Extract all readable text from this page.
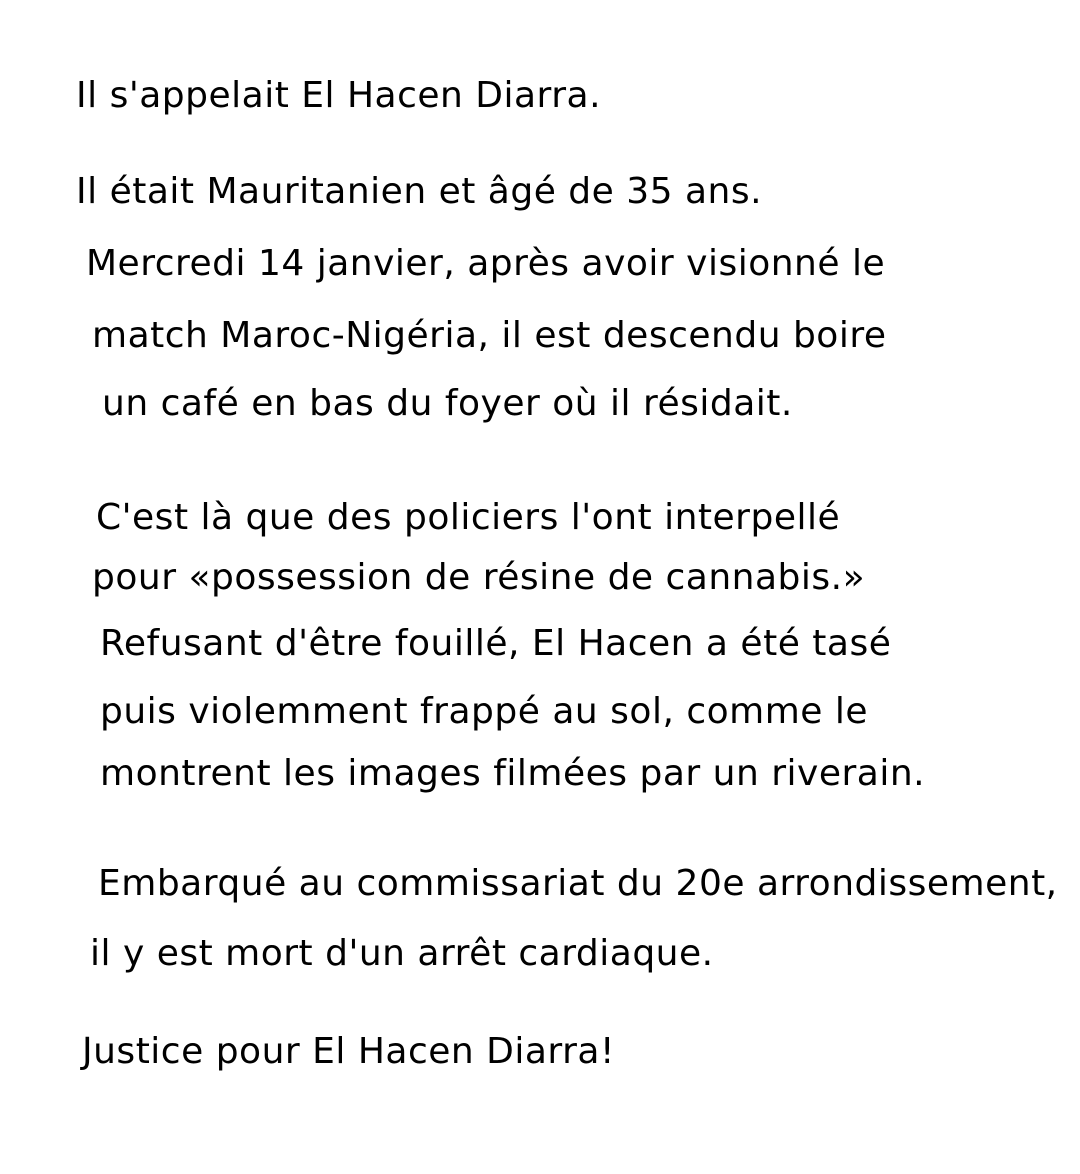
Il s'appelait El Hacen Diarra.

Il était Mauritanien et âgé de 35 ans.

Mercredi 14 janvier, après avoir visionné le

match Maroc-Nigéria, il est descendu boire

un café en bas du foyer où il résidait.

C'est là que des policiers l'ont interpellé

pour «possession de résine de cannabis.»

Refusant d'être fouillé, El Hacen a été tasé

puis violemment frappé au sol, comme le

montrent les images filmées par un riverain.

Embarqué au commissariat du 20e arrondissement,

il y est mort d'un arrêt cardiaque.

Justice pour El Hacen Diarra!
